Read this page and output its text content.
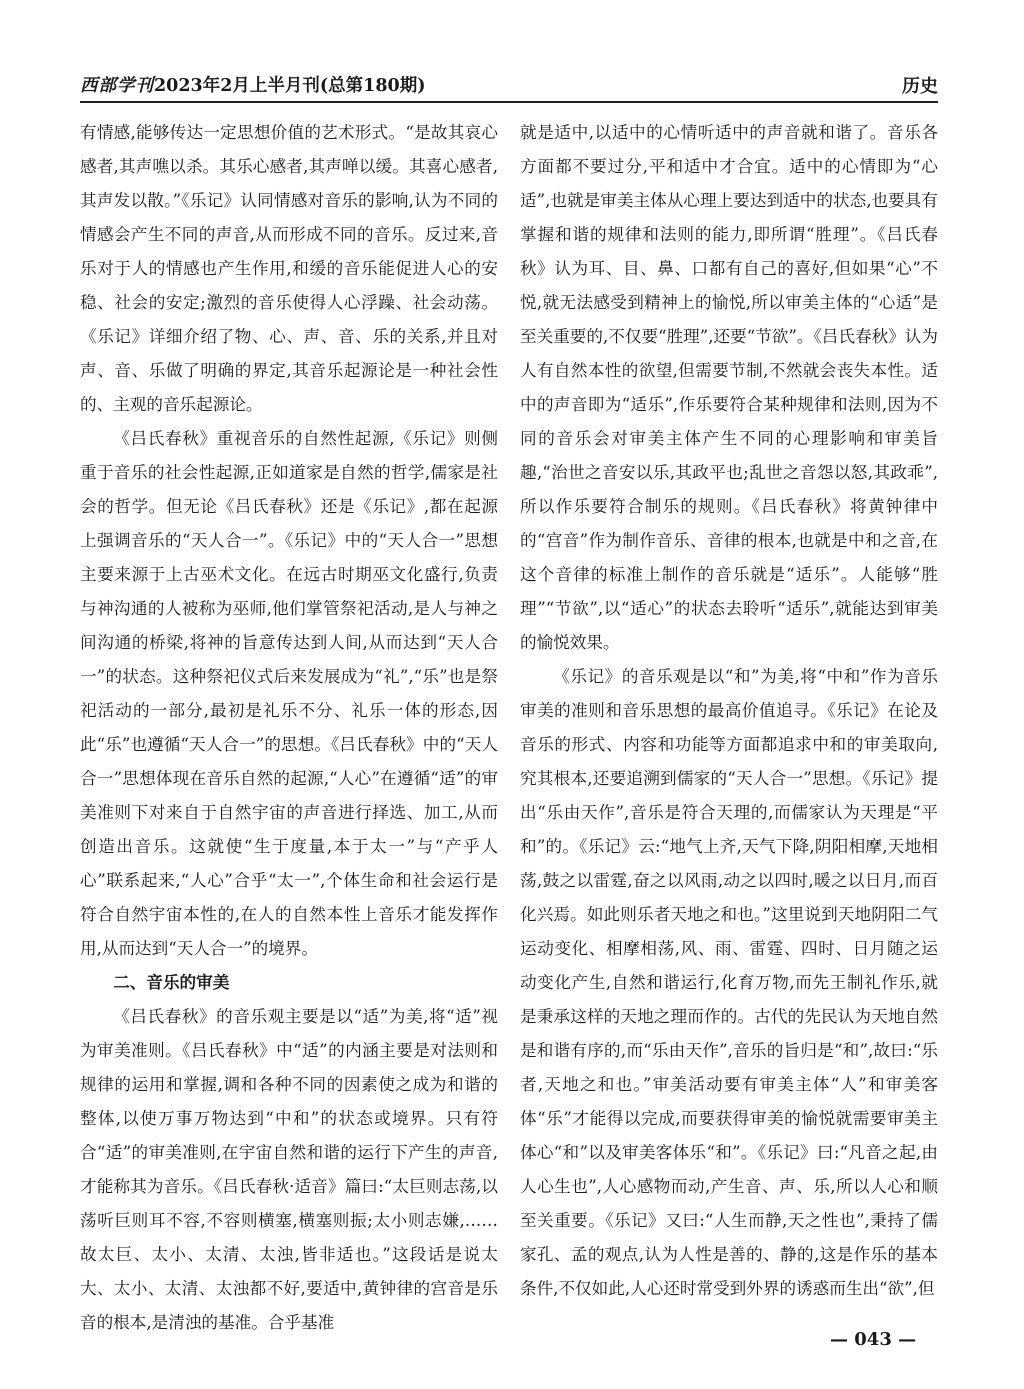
西部学刊2023年2月上半月刊(总第180期)	历史

有情感,能够传达一定思想价值的艺术形式。“是故其哀心感者,其声噍以杀。其乐心感者,其声啴以缓。其喜心感者,其声发以散。”《乐记》认同情感对音乐的影响,认为不同的情感会产生不同的声音,从而形成不同的音乐。反过来,音乐对于人的情感也产生作用,和缓的音乐能促进人心的安稳、社会的安定;激烈的音乐使得人心浮躁、社会动荡。《乐记》详细介绍了物、心、声、音、乐的关系,并且对声、音、乐做了明确的界定,其音乐起源论是一种社会性的、主观的音乐起源论。

《吕氏春秋》重视音乐的自然性起源,《乐记》则侧重于音乐的社会性起源,正如道家是自然的哲学,儒家是社会的哲学。但无论《吕氏春秋》还是《乐记》,都在起源上强调音乐的“天人合一”。《乐记》中的“天人合一”思想主要来源于上古巫术文化。在远古时期巫文化盛行,负责与神沟通的人被称为巫师,他们掌管祭祀活动,是人与神之间沟通的桥梁,将神的旨意传达到人间,从而达到“天人合一”的状态。这种祭祀仪式后来发展成为“礼”,“乐”也是祭祀活动的一部分,最初是礼乐不分、礼乐一体的形态,因此“乐”也遵循“天人合一”的思想。《吕氏春秋》中的“天人合一”思想体现在音乐自然的起源,“人心”在遵循“适”的审美准则下对来自于自然宇宙的声音进行择选、加工,从而创造出音乐。这就使“生于度量,本于太一”与“产乎人心”联系起来,“人心”合乎“太一”,个体生命和社会运行是符合自然宇宙本性的,在人的自然本性上音乐才能发挥作用,从而达到“天人合一”的境界。

二、音乐的审美

《吕氏春秋》的音乐观主要是以“适”为美,将“适”视为审美准则。《吕氏春秋》中“适”的内涵主要是对法则和规律的运用和掌握,调和各种不同的因素使之成为和谐的整体,以使万事万物达到“中和”的状态或境界。只有符合“适”的审美准则,在宇宙自然和谐的运行下产生的声音,才能称其为音乐。《吕氏春秋·适音》篇曰:“太巨则志荡,以荡听巨则耳不容,不容则横塞,横塞则振;太小则志嫌,……故太巨、太小、太清、太浊,皆非适也。”这段话是说太大、太小、太清、太浊都不好,要适中,黄钟律的宫音是乐音的根本,是清浊的基准。合乎基准

就是适中,以适中的心情听适中的声音就和谐了。音乐各方面都不要过分,平和适中才合宜。适中的心情即为“心适”,也就是审美主体从心理上要达到适中的状态,也要具有掌握和谐的规律和法则的能力,即所谓“胜理”。《吕氏春秋》认为耳、目、鼻、口都有自己的喜好,但如果“心”不悦,就无法感受到精神上的愉悦,所以审美主体的“心适”是至关重要的,不仅要“胜理”,还要“节欲”。《吕氏春秋》认为人有自然本性的欲望,但需要节制,不然就会丧失本性。适中的声音即为“适乐”,作乐要符合某种规律和法则,因为不同的音乐会对审美主体产生不同的心理影响和审美旨趣,“治世之音安以乐,其政平也;乱世之音怨以怒,其政乖”,所以作乐要符合制乐的规则。《吕氏春秋》将黄钟律中的“宫音”作为制作音乐、音律的根本,也就是中和之音,在这个音律的标准上制作的音乐就是“适乐”。人能够“胜理”“节欲”,以“适心”的状态去聆听“适乐”,就能达到审美的愉悦效果。

《乐记》的音乐观是以“和”为美,将“中和”作为音乐审美的准则和音乐思想的最高价值追寻。《乐记》在论及音乐的形式、内容和功能等方面都追求中和的审美取向,究其根本,还要追溯到儒家的“天人合一”思想。《乐记》提出“乐由天作”,音乐是符合天理的,而儒家认为天理是“平和”的。《乐记》云:“地气上齐,天气下降,阴阳相摩,天地相荡,鼓之以雷霆,奋之以风雨,动之以四时,暖之以日月,而百化兴焉。如此则乐者天地之和也。”这里说到天地阴阳二气运动变化、相摩相荡,风、雨、雷霆、四时、日月随之运动变化产生,自然和谐运行,化育万物,而先王制礼作乐,就是秉承这样的天地之理而作的。古代的先民认为天地自然是和谐有序的,而“乐由天作”,音乐的旨归是“和”,故曰:“乐者,天地之和也。”审美活动要有审美主体“人”和审美客体“乐”才能得以完成,而要获得审美的愉悦就需要审美主体心“和”以及审美客体乐“和”。《乐记》曰:“凡音之起,由人心生也”,人心感物而动,产生音、声、乐,所以人心和顺至关重要。《乐记》又曰:“人生而静,天之性也”,秉持了儒家孔、孟的观点,认为人性是善的、静的,这是作乐的基本条件,不仅如此,人心还时常受到外界的诱惑而生出“欲”,但

— 043 —
